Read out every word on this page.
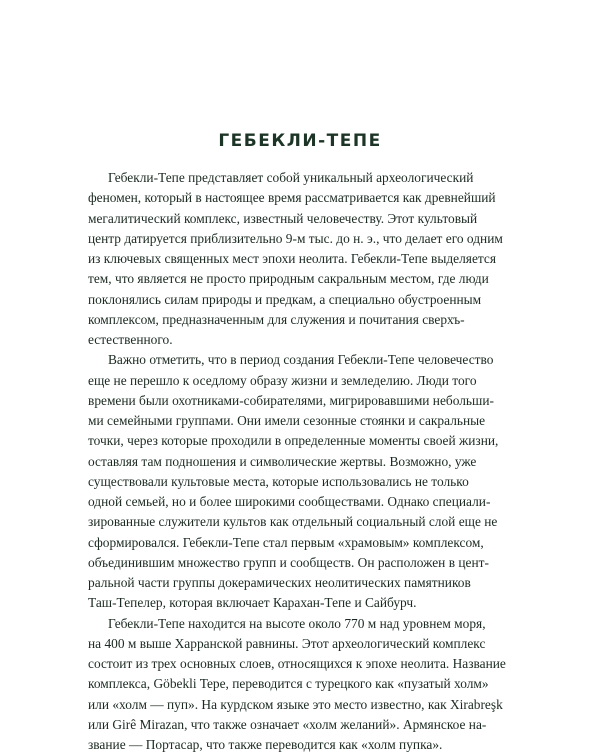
ГЕБЕКЛИ-ТЕПЕ

Гебекли-Тепе представляет собой уникальный археологический
феномен, который в настоящее время рассматривается как древнейший
мегалитический комплекс, известный человечеству. Этот культовый
центр датируется приблизительно 9-м тыс. до н. э., что делает его одним
из ключевых священных мест эпохи неолита. Гебекли-Тепе выделяется
тем, что является не просто природным сакральным местом, где люди
поклонялись силам природы и предкам, а специально обустроенным
комплексом, предназначенным для служения и почитания сверхъ-
естественного.

Важно отметить, что в период создания Гебекли-Тепе человечество
еще не перешло к оседлому образу жизни и земледелию. Люди того
времени были охотниками-собирателями, мигрировавшими небольши-
ми семейными группами. Они имели сезонные стоянки и сакральные
точки, через которые проходили в определенные моменты своей жизни,
оставляя там подношения и символические жертвы. Возможно, уже
существовали культовые места, которые использовались не только
одной семьей, но и более широкими сообществами. Однако специали-
зированные служители культов как отдельный социальный слой еще не
сформировался. Гебекли-Тепе стал первым «храмовым» комплексом,
объединившим множество групп и сообществ. Он расположен в цент-
ральной части группы докерамических неолитических памятников
Таш-Тепелер, которая включает Карахан-Тепе и Сайбурч.

Гебекли-Тепе находится на высоте около 770 м над уровнем моря,
на 400 м выше Харранской равнины. Этот археологический комплекс
состоит из трех основных слоев, относящихся к эпохе неолита. Название
комплекса, Göbekli Tepe, переводится с турецкого как «пузатый холм»
или «холм — пуп». На курдском языке это место известно, как Xirabreşk
или Girê Mirazan, что также означает «холм желаний». Армянское на-
звание — Портасар, что также переводится как «холм пупка».
